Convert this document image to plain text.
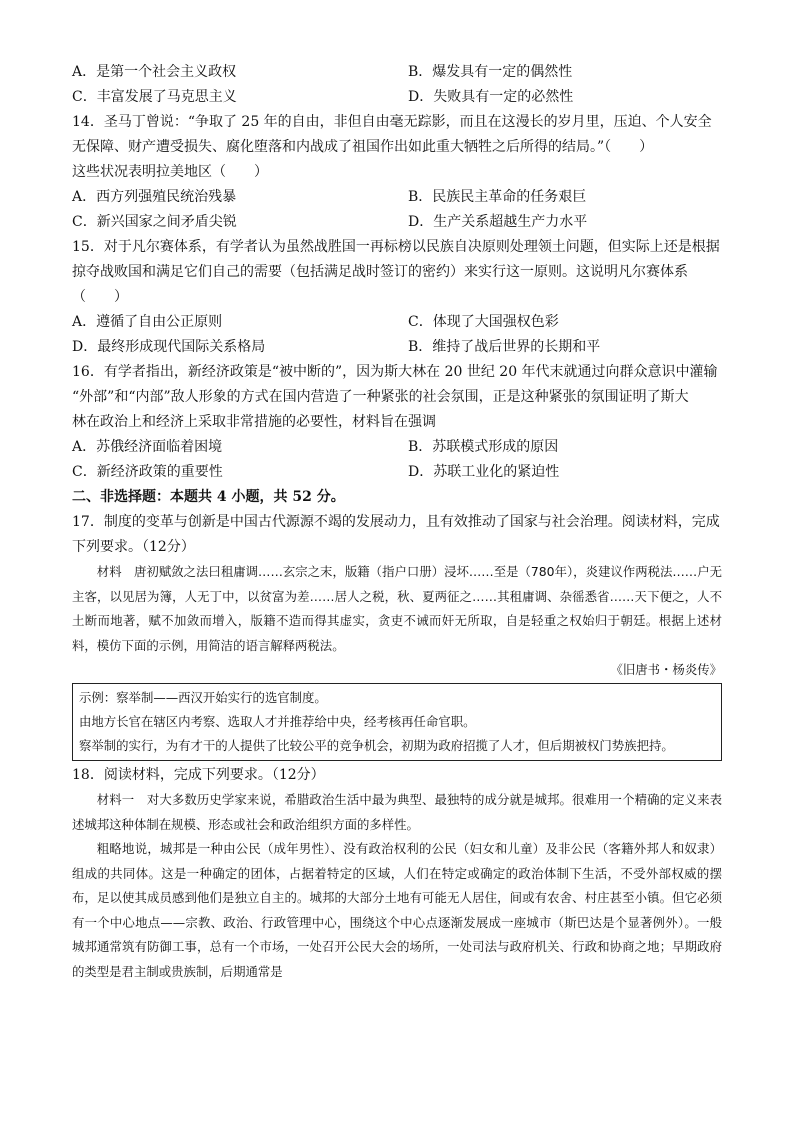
A．是第一个社会主义政权	B．爆发具有一定的偶然性
C．丰富发展了马克思主义	D．失败具有一定的必然性
14．圣马丁曾说：“争取了 25 年的自由，非但自由毫无踪影，而且在这漫长的岁月里，压迫、个人安全
无保障、财产遭受损失、腐化堕落和内战成了祖国作出如此重大牺牲之后所得的结局。”（　　）
这些状况表明拉美地区（　　）
A．西方列强殖民统治残暴	B．民族民主革命的任务艰巨
C．新兴国家之间矛盾尖锐	D．生产关系超越生产力水平
15．对于凡尔赛体系，有学者认为虽然战胜国一再标榜以民族自决原则处理领土问题，但实际上还是根据
掠夺战败国和满足它们自己的需要（包括满足战时签订的密约）来实行这一原则。这说明凡尔赛体系
（　　）
A．遵循了自由公正原则	C．体现了大国强权色彩
D．最终形成现代国际关系格局	B．维持了战后世界的长期和平
16．有学者指出，新经济政策是“被中断的”，因为斯大林在 20 世纪 20 年代末就通过向群众意识中灌输
“外部”和“内部”敌人形象的方式在国内营造了一种紧张的社会氛围，正是这种紧张的氛围证明了斯大
林在政治上和经济上采取非常措施的必要性，材料旨在强调
A．苏俄经济面临着困境	B．苏联模式形成的原因
C．新经济政策的重要性	D．苏联工业化的紧迫性
二、非选择题：本题共 4 小题，共 52 分。
17．制度的变革与创新是中国古代源源不竭的发展动力，且有效推动了国家与社会治理。阅读材料，完成
下列要求。（12分）
材料　唐初赋敛之法曰租庸调……玄宗之末，版籍（指户口册）浸坏……至是（780年），炎建议作两税法……户无主客，以见居为簿，人无丁中，以贫富为差……居人之税，秋、夏两征之……其租庸调、杂徭悉省……天下便之，人不土断而地著，赋不加敛而增入，版籍不造而得其虚实，贪吏不诫而奸无所取，自是轻重之权始归于朝廷。根据上述材料，模仿下面的示例，用简洁的语言解释两税法。
《旧唐书・杨炎传》
示例：察举制——西汉开始实行的选官制度。
由地方长官在辖区内考察、选取人才并推荐给中央，经考核再任命官职。
察举制的实行，为有才干的人提供了比较公平的竞争机会，初期为政府招揽了人才，但后期被权门势族把持。
18．阅读材料，完成下列要求。（12分）
材料一　对大多数历史学家来说，希腊政治生活中最为典型、最独特的成分就是城邦。很难用一个精确的定义来表述城邦这种体制在规模、形态或社会和政治组织方面的多样性。
粗略地说，城邦是一种由公民（成年男性）、没有政治权利的公民（妇女和儿童）及非公民（客籍外邦人和奴隶）组成的共同体。这是一种确定的团体，占据着特定的区域，人们在特定或确定的政治体制下生活，不受外部权威的摆布，足以使其成员感到他们是独立自主的。城邦的大部分土地有可能无人居住，间或有农舍、村庄甚至小镇。但它必须有一个中心地点——宗教、政治、行政管理中心，围绕这个中心点逐渐发展成一座城市（斯巴达是个显著例外）。一般城邦通常筑有防御工事，总有一个市场，一处召开公民大会的场所，一处司法与政府机关、行政和协商之地；早期政府的类型是君主制或贵族制，后期通常是
